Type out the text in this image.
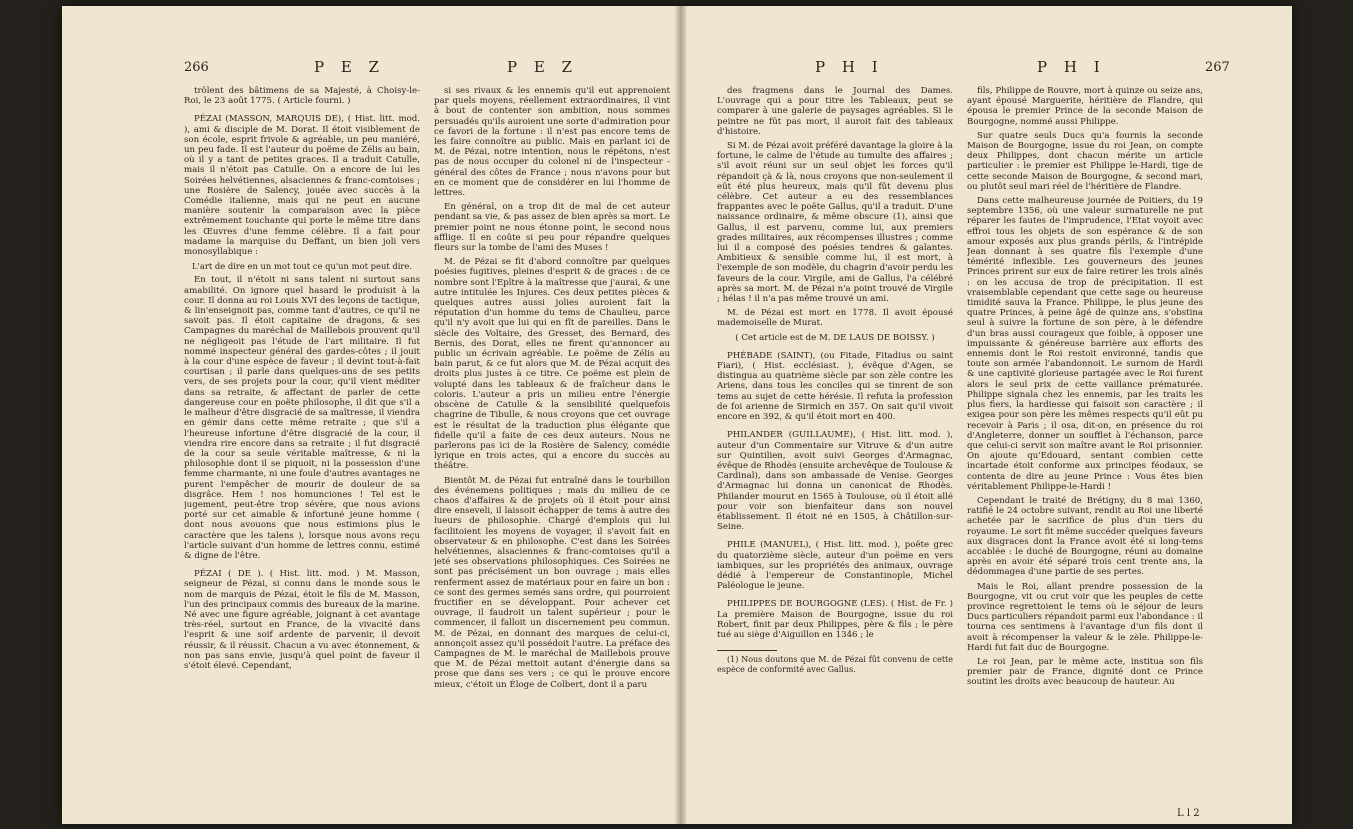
266	P E Z	P E Z

trôlent des bâtimens de sa Majesté, à Choisy-le-Roi, le 23 août 1775. ( Article fourni. )

PÉZAI (MASSON, MARQUIS DE), ( Hist. litt. mod. ), ami & disciple de M. Dorat. Il étoit visiblement de son école, esprit frivole & agréable, un peu maniéré, un peu fade. Il est l'auteur du poëme de Zélis au bain, où il y a tant de petites graces. Il a traduit Catulle, mais il n'étoit pas Catulle. On a encore de lui les Soirées helvétiennes, alsaciennes & franc-comtoises ; une Rosière de Salency, jouée avec succès à la Comédie italienne, mais qui ne peut en aucune manière soutenir la comparaison avec la pièce extrêmement touchante qui porte le même titre dans les Œuvres d'une femme célèbre. Il a fait pour madame la marquise du Deffant, un bien joli vers monosyllabique :

L'art de dire en un mot tout ce qu'un mot peut dire.

En tout, il n'étoit ni sans talent ni surtout sans amabilité. On ignore quel hasard le produisit à la cour. Il donna au roi Louis XVI des leçons de tactique, & lin'enseignoit pas, comme tant d'autres, ce qu'il ne savoit pas. Il étoit capitaine de dragons, & ses Campagnes du maréchal de Maillebois prouvent qu'il ne négligeoit pas l'étude de l'art militaire. Il fut nommé inspecteur général des gardes-côtes ; il jouit à la cour d'une espèce de faveur ; il devint tout-à-fait courtisan ; il parle dans quelques-uns de ses petits vers, de ses projets pour la cour, qu'il vient méditer dans sa retraite, & affectant de parler de cette dangereuse cour en poëte philosophe, il dit que s'il a le malheur d'être disgracié de sa maîtresse, il viendra en gémir dans cette même retraite ; que s'il a l'heureuse infortune d'être disgracié de la cour, il viendra rire encore dans sa retraite ; il fut disgracié de la cour sa seule véritable maîtresse, & ni la philosophie dont il se piquoit, ni la possession d'une femme charmante, ni une foule d'autres avantages ne purent l'empêcher de mourir de douleur de sa disgrâce. Hem ! nos homunciones ! Tel est le jugement, peut-être trop sévère, que nous avions porté sur cet aimable & infortuné jeune homme ( dont nous avouons que nous estimions plus le caractère que les talens ), lorsque nous avons reçu l'article suivant d'un homme de lettres connu, estimé & digne de l'être.

PÉZAI ( DE ). ( Hist. litt. mod. ) M. Masson, seigneur de Pézai, si connu dans le monde sous le nom de marquis de Pézai, étoit le fils de M. Masson, l'un des principaux commis des bureaux de la marine. Né avec une figure agréable, joignant à cet avantage très-réel, surtout en France, de la vivacité dans l'esprit & une soif ardente de parvenir, il devoit réussir, & il réussit. Chacun a vu avec étonnement, & non pas sans envie, jusqu'à quel point de faveur il s'étoit élevé. Cependant,

si ses rivaux & les ennemis qu'il eut apprenoient par quels moyens, réellement extraordinaires, il vint à bout de contenter son ambition, nous sommes persuadés qu'ils auroient une sorte d'admiration pour ce favori de la fortune : il n'est pas encore tems de les faire connoître au public. Mais en parlant ici de M. de Pézai, notre intention, nous le répétons, n'est pas de nous occuper du colonel ni de l'inspecteur - général des côtes de France ; nous n'avons pour but en ce moment que de considérer en lui l'homme de lettres.

En général, on a trop dit de mal de cet auteur pendant sa vie, & pas assez de bien après sa mort. Le premier point ne nous étonne point, le second nous afflige. Il en coûte si peu pour répandre quelques fleurs sur la tombe de l'ami des Muses !

M. de Pézai se fit d'abord connoître par quelques poésies fugitives, pleines d'esprit & de graces : de ce nombre sont l'Epître à la maîtresse que j'aurai, & une autre intitulée les Injures. Ces deux petites pièces & quelques autres aussi jolies auroient fait la réputation d'un homme du tems de Chaulieu, parce qu'il n'y avoit que lui qui en fît de pareilles. Dans le siècle des Voltaire, des Gresset, des Bernard, des Bernis, des Dorat, elles ne firent qu'annoncer au public un écrivain agréable. Le poëme de Zélis au bain parut, & ce fut alors que M. de Pézai acquit des droits plus justes à ce titre. Ce poëme est plein de volupté dans les tableaux & de fraîcheur dans le coloris. L'auteur a pris un milieu entre l'énergie obscène de Catulle & la sensibilité quelquefois chagrine de Tibulle, & nous croyons que cet ouvrage est le résultat de la traduction plus élégante que fidelle qu'il a faite de ces deux auteurs. Nous ne parlerons pas ici de la Rosière de Salency, comédie lyrique en trois actes, qui a encore du succès au théâtre.

Bientôt M. de Pézai fut entraîné dans le tourbillon des événemens politiques ; mais du milieu de ce chaos d'affaires & de projets où il étoit pour ainsi dire enseveli, il laissoit échapper de tems à autre des lueurs de philosophie. Chargé d'emplois qui lui facilitoient les moyens de voyager, il s'avoit fait en observateur & en philosophe. C'est dans les Soirées helvétiennes, alsaciennes & franc-comtoises qu'il a jeté ses observations philosophiques. Ces Soirées ne sont pas précisément un bon ouvrage ; mais elles renferment assez de matériaux pour en faire un bon : ce sont des germes semés sans ordre, qui pourroient fructifier en se développant. Pour achever cet ouvrage, il faudroit un talent supérieur ; pour le commencer, il falloit un discernement peu commun. M. de Pézai, en donnant des marques de celui-ci, annonçoit assez qu'il possédoit l'autre. La préface des Campagnes de M. le maréchal de Maillebois prouve que M. de Pézai mettoit autant d'énergie dans sa prose que dans ses vers ; ce qui le prouve encore mieux, c'étoit un Éloge de Colbert, dont il a paru

P H I	P H I	267

des fragmens dans le Journal des Dames. L'ouvrage qui a pour titre les Tableaux, peut se comparer à une galerie de paysages agréables. Si le peintre ne fût pas mort, il auroit fait des tableaux d'histoire.

Si M. de Pézai avoit préféré davantage la gloire à la fortune, le calme de l'étude au tumulte des affaires ; s'il avoit réuni sur un seul objet les forces qu'il répandoit çà & là, nous croyons que non-seulement il eût été plus heureux, mais qu'il fût devenu plus célèbre. Cet auteur a eu des ressemblances frappantes avec le poëte Gallus, qu'il a traduit. D'une naissance ordinaire, & même obscure (1), ainsi que Gallus, il est parvenu, comme lui, aux premiers grades militaires, aux récompenses illustres ; comme lui il a composé des poésies tendres & galantes. Ambitieux & sensible comme lui, il est mort, à l'exemple de son modèle, du chagrin d'avoir perdu les faveurs de la cour. Virgile, ami de Gallus, l'a célébré après sa mort. M. de Pézai n'a point trouvé de Virgile ; hélas ! il n'a pas même trouvé un ami.

M. de Pézai est mort en 1778. Il avoit épousé mademoiselle de Murat.

( Cet article est de M. DE LAUS DE BOISSY. )

PHÉBADE (SAINT), (ou Fitade, Fitadius ou saint Fiari), ( Hist. ecclésiast. ), évêque d'Agen, se distingua au quatrième siècle par son zèle contre les Ariens, dans tous les conciles qui se tinrent de son tems au sujet de cette hérésie. Il refuta la profession de foi arienne de Sirmich en 357. On sait qu'il vivoit encore en 392, & qu'il étoit mort en 400.

PHILANDER (GUILLAUME), ( Hist. litt. mod. ), auteur d'un Commentaire sur Vitruve & d'un autre sur Quintilien, avoit suivi Georges d'Armagnac, évêque de Rhodès (ensuite archevêque de Toulouse & Cardinal), dans son ambassade de Venise. Georges d'Armagnac lui donna un canonicat de Rhodès. Philander mourut en 1565 à Toulouse, où il étoit allé pour voir son bienfaiteur dans son nouvel établissement. Il étoit né en 1505, à Châtillon-sur-Seine.

PHILE (MANUEL), ( Hist. litt. mod. ), poëte grec du quatorzième siècle, auteur d'un poëme en vers iambiques, sur les propriétés des animaux, ouvrage dédié à l'empereur de Constantinople, Michel Paléologue le jeune.

PHILIPPES DE BOURGOGNE (LES). ( Hist. de Fr. ) La première Maison de Bourgogne, issue du roi Robert, finit par deux Philippes, père & fils ; le père tué au siège d'Aiguillon en 1346 ; le

(1) Nous doutons que M. de Pézai fût convenu de cette espèce de conformité avec Gallus.

fils, Philippe de Rouvre, mort à quinze ou seize ans, ayant épousé Marguerite, héritière de Flandre, qui épousa le premier Prince de la seconde Maison de Bourgogne, nommé aussi Philippe.

Sur quatre seuls Ducs qu'a fournis la seconde Maison de Bourgogne, issue du roi Jean, on compte deux Philippes, dont chacun mérite un article particulier : le premier est Philippe le-Hardi, tige de cette seconde Maison de Bourgogne, & second mari, ou plutôt seul mari réel de l'héritière de Flandre.

Dans cette malheureuse journée de Poitiers, du 19 septembre 1356, où une valeur surnaturelle ne put réparer les fautes de l'imprudence, l'Etat voyoit avec effroi tous les objets de son espérance & de son amour exposés aux plus grands périls, & l'intrépide Jean donnant à ses quatre fils l'exemple d'une témérité inflexible. Les gouverneurs des jeunes Princes prirent sur eux de faire retirer les trois aînés : on les accusa de trop de précipitation. Il est vraisemblable cependant que cette sage ou heureuse timidité sauva la France. Philippe, le plus jeune des quatre Princes, à peine âgé de quinze ans, s'obstina seul à suivre la fortune de son père, à le défendre d'un bras aussi courageux que foible, à opposer une impuissante & généreuse barrière aux efforts des ennemis dont le Roi restoit environné, tandis que toute son armée l'abandonnoit. Le surnom de Hardi & une captivité glorieuse partagée avec le Roi furent alors le seul prix de cette vaillance prématurée. Philippe signala chez les ennemis, par les traits les plus fiers, la hardiesse qui faisoit son caractère ; il exigea pour son père les mêmes respects qu'il eût pu recevoir à Paris ; il osa, dit-on, en présence du roi d'Angleterre, donner un soufflet à l'échanson, parce que celui-ci servit son maître avant le Roi prisonnier. On ajoute qu'Edouard, sentant combien cette incartade étoit conforme aux principes féodaux, se contenta de dire au jeune Prince : Vous êtes bien véritablement Philippe-le-Hardi !

Cependant le traité de Brétigny, du 8 mai 1360, ratifié le 24 octobre suivant, rendit au Roi une liberté achetée par le sacrifice de plus d'un tiers du royaume. Le sort fit même succéder quelques faveurs aux disgraces dont la France avoit été si long-tems accablée : le duché de Bourgogne, réuni au domaine après en avoir été séparé trois cent trente ans, la dédommagea d'une partie de ses pertes.

Mais le Roi, allant prendre possession de la Bourgogne, vit ou crut voir que les peuples de cette province regrettoient le tems où le séjour de leurs Ducs particuliers répandoit parmi eux l'abondance : il tourna ces sentimens à l'avantage d'un fils dont il avoit à récompenser la valeur & le zèle. Philippe-le-Hardi fut fait duc de Bourgogne.

Le roi Jean, par le même acte, institua son fils premier pair de France, dignité dont ce Prince soutint les droits avec beaucoup de hauteur. Au

L l 2
